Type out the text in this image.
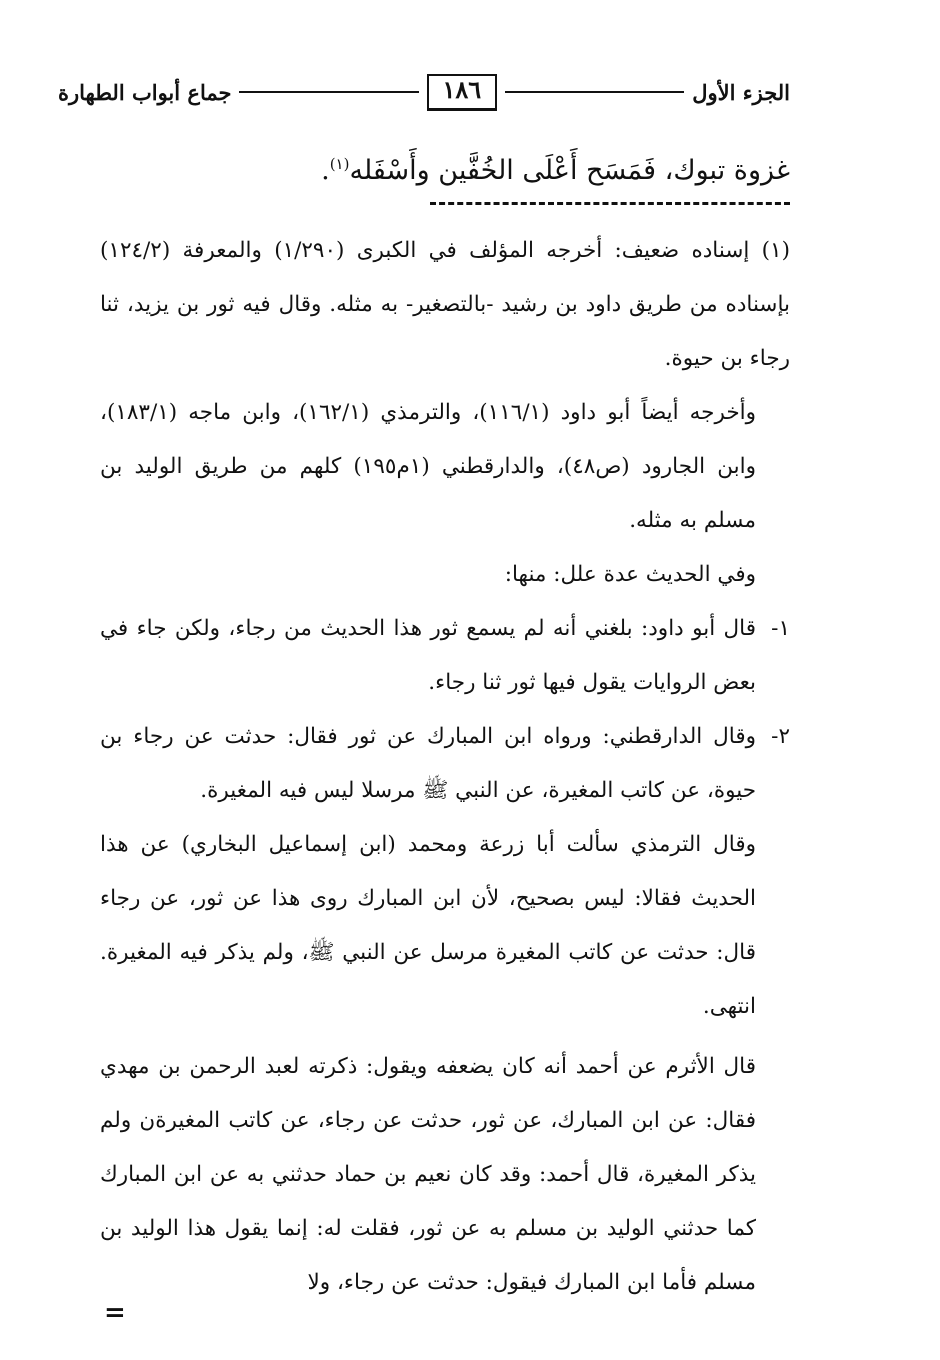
الجزء الأول
١٨٦
جماع أبواب الطهارة
غزوة تبوك، فَمَسَح أَعْلَى الخُفَّين وأَسْفَله$^{(١)}$.

(١) إسناده ضعيف: أخرجه المؤلف في الكبرى (١/٢٩٠) والمعرفة (١٢٤/٢) بإسناده من طريق داود بن رشيد -بالتصغير- به مثله. وقال فيه ثور بن يزيد، ثنا رجاء بن حيوة.

وأخرجه أيضاً أبو داود (١١٦/١)، والترمذي (١٦٢/١)، وابن ماجه (١٨٣/١)، وابن الجارود (ص٤٨)، والدارقطني (١م١٩٥) كلهم من طريق الوليد بن مسلم به مثله.

وفي الحديث عدة علل: منها:

١-
قال أبو داود: بلغني أنه لم يسمع ثور هذا الحديث من رجاء، ولكن جاء في بعض الروايات يقول فيها ثور ثنا رجاء.
٢-
وقال الدارقطني: ورواه ابن المبارك عن ثور فقال: حدثت عن رجاء بن حيوة، عن كاتب المغيرة، عن النبي ﷺ مرسلا ليس فيه المغيرة.

وقال الترمذي سألت أبا زرعة ومحمد (ابن إسماعيل البخاري) عن هذا الحديث فقالا: ليس بصحيح، لأن ابن المبارك روى هذا عن ثور، عن رجاء قال: حدثت عن كاتب المغيرة مرسل عن النبي ﷺ، ولم يذكر فيه المغيرة. انتهى.

قال الأثرم عن أحمد أنه كان يضعفه ويقول: ذكرته لعبد الرحمن بن مهدي فقال: عن ابن المبارك، عن ثور، حدثت عن رجاء، عن كاتب المغيرةن ولم يذكر المغيرة، قال أحمد: وقد كان نعيم بن حماد حدثني به عن ابن المبارك كما حدثني الوليد بن مسلم به عن ثور، فقلت له: إنما يقول هذا الوليد بن مسلم فأما ابن المبارك فيقول: حدثت عن رجاء، ولا

=
